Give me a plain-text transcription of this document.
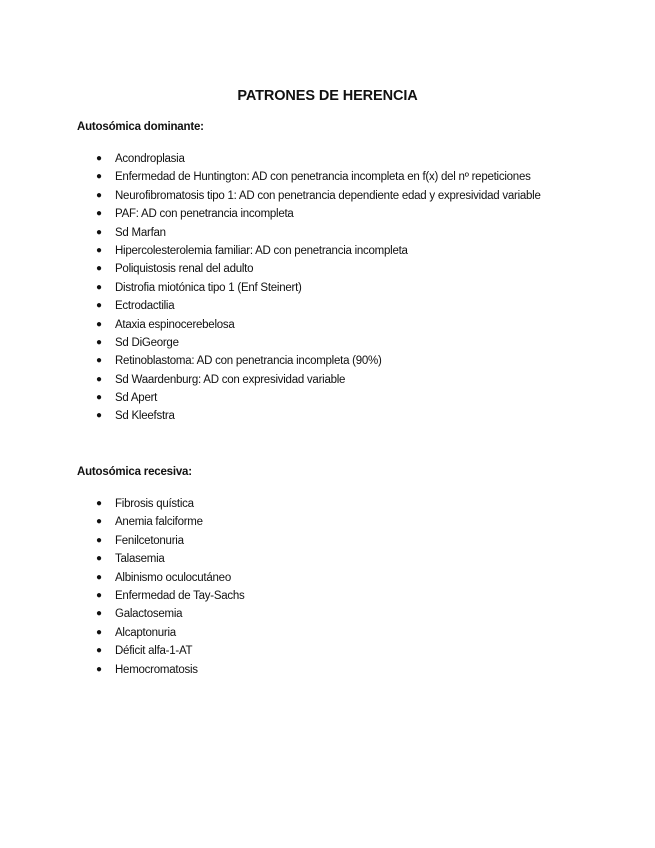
PATRONES DE HERENCIA
Autosómica dominante:
● Acondroplasia
● Enfermedad de Huntington: AD con penetrancia incompleta en f(x) del nº repeticiones
● Neurofibromatosis tipo 1: AD con penetrancia dependiente edad y expresividad variable
● PAF: AD con penetrancia incompleta
● Sd Marfan
● Hipercolesterolemia familiar: AD con penetrancia incompleta
● Poliquistosis renal del adulto
● Distrofia miotónica tipo 1 (Enf Steinert)
● Ectrodactilia
● Ataxia espinocerebelosa
● Sd DiGeorge
● Retinoblastoma: AD con penetrancia incompleta (90%)
● Sd Waardenburg: AD con expresividad variable
● Sd Apert
● Sd Kleefstra
Autosómica recesiva:
● Fibrosis quística
● Anemia falciforme
● Fenilcetonuria
● Talasemia
● Albinismo oculocutáneo
● Enfermedad de Tay-Sachs
● Galactosemia
● Alcaptonuria
● Déficit alfa-1-AT
● Hemocromatosis
